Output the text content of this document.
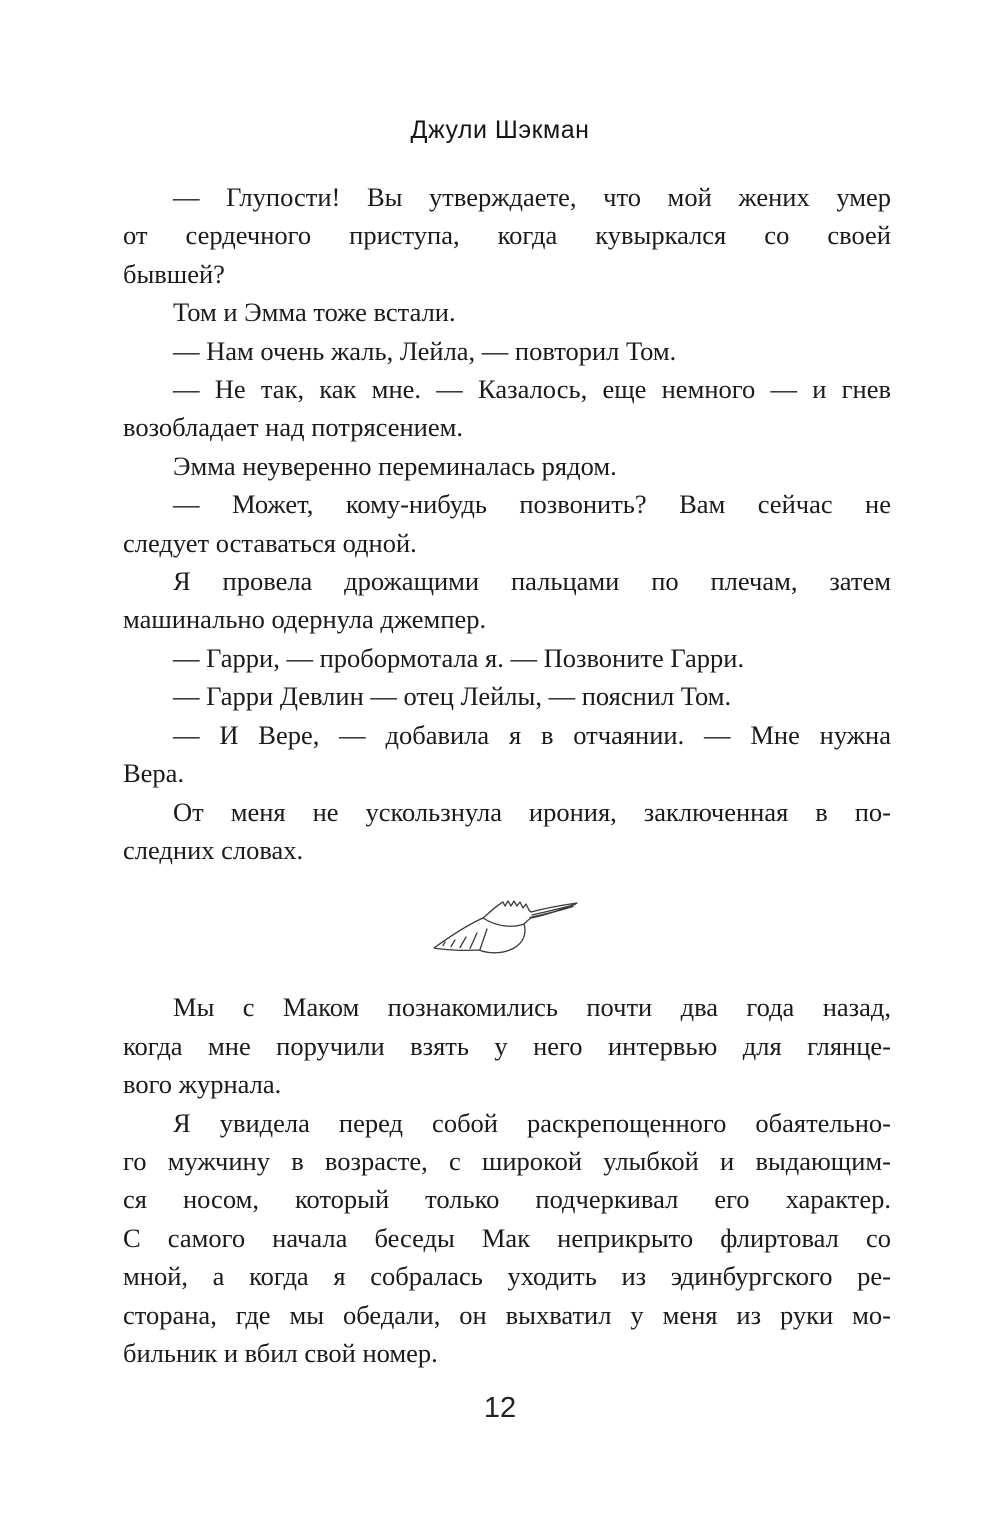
Джули Шэкман
— Глупости! Вы утверждаете, что мой жених умер
от сердечного приступа, когда кувыркался со своей
бывшей?
Том и Эмма тоже встали.
— Нам очень жаль, Лейла, — повторил Том.
— Не так, как мне. — Казалось, еще немного — и гнев
возобладает над потрясением.
Эмма неуверенно переминалась рядом.
— Может, кому-нибудь позвонить? Вам сейчас не
следует оставаться одной.
Я провела дрожащими пальцами по плечам, затем
машинально одернула джемпер.
— Гарри, — пробормотала я. — Позвоните Гарри.
— Гарри Девлин — отец Лейлы, — пояснил Том.
— И Вере, — добавила я в отчаянии. — Мне нужна
Вера.
От меня не ускользнула ирония, заключенная в по-
следних словах.
Мы с Маком познакомились почти два года назад,
когда мне поручили взять у него интервью для глянце-
вого журнала.
Я увидела перед собой раскрепощенного обаятельно-
го мужчину в возрасте, с широкой улыбкой и выдающим-
ся носом, который только подчеркивал его характер.
С самого начала беседы Мак неприкрыто флиртовал со
мной, а когда я собралась уходить из эдинбургского ре-
сторана, где мы обедали, он выхватил у меня из руки мо-
бильник и вбил свой номер.
12
